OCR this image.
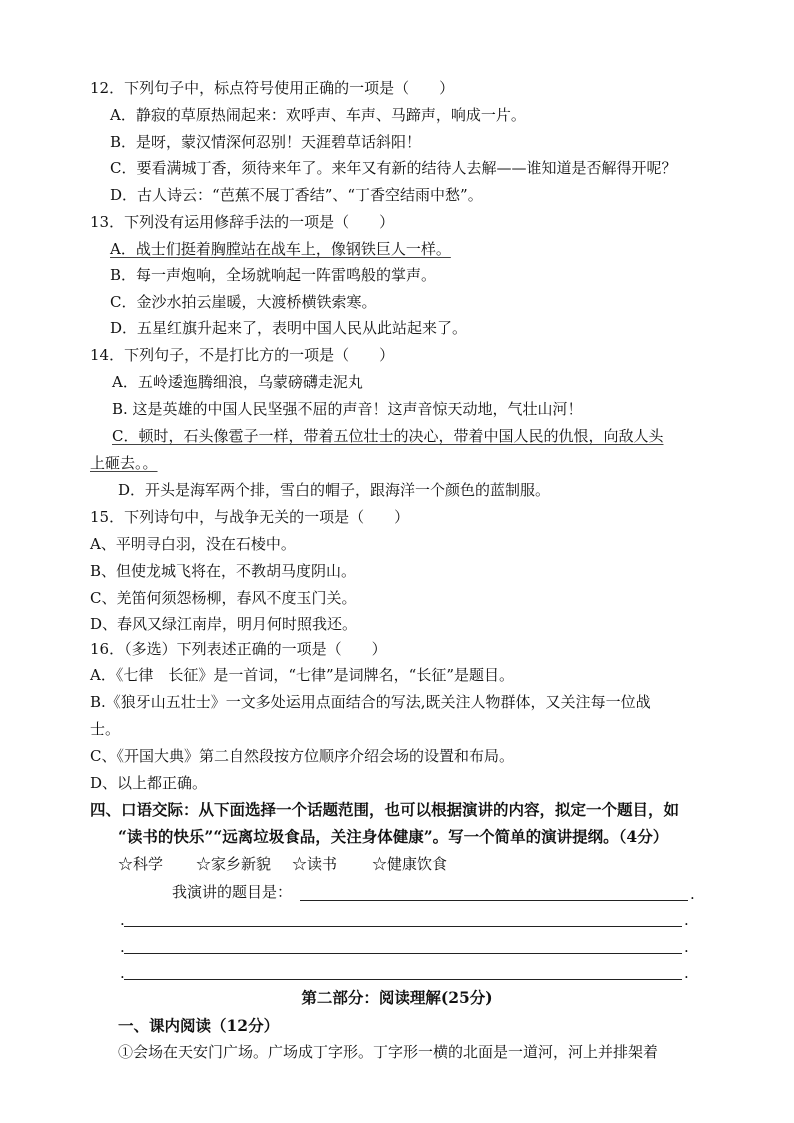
12．下列句子中，标点符号使用正确的一项是（　　）
A．静寂的草原热闹起来：欢呼声、车声、马蹄声，响成一片。
B．是呀，蒙汉情深何忍别！天涯碧草话斜阳！
C．要看满城丁香，须待来年了。来年又有新的结待人去解——谁知道是否解得开呢？
D．古人诗云：“芭蕉不展丁香结”、“丁香空结雨中愁”。
13．下列没有运用修辞手法的一项是（　　）
A．战士们挺着胸膛站在战车上，像钢铁巨人一样。
B．每一声炮响，全场就响起一阵雷鸣般的掌声。
C．金沙水拍云崖暖，大渡桥横铁索寒。
D．五星红旗升起来了，表明中国人民从此站起来了。
14．下列句子，不是打比方的一项是（　　）
A．五岭逶迤腾细浪，乌蒙磅礴走泥丸
B. 这是英雄的中国人民坚强不屈的声音！这声音惊天动地，气壮山河！
C．顿时，石头像雹子一样，带着五位壮士的决心，带着中国人民的仇恨，向敌人头
上砸去。。
D．开头是海军两个排，雪白的帽子，跟海洋一个颜色的蓝制服。
15．下列诗句中，与战争无关的一项是（　　）
A、平明寻白羽，没在石棱中。
B、但使龙城飞将在，不教胡马度阴山。
C、羌笛何须怨杨柳，春风不度玉门关。
D、春风又绿江南岸，明月何时照我还。
16．（多选）下列表述正确的一项是（　　）
A．《七律　长征》是一首词，“七律”是词牌名，“长征”是题目。
B.《狼牙山五壮士》一文多处运用点面结合的写法,既关注人物群体，又关注每一位战
士。
C、《开国大典》第二自然段按方位顺序介绍会场的设置和布局。
D、以上都正确。
四、口语交际：从下面选择一个话题范围，也可以根据演讲的内容，拟定一个题目，如
“读书的快乐”“远离垃圾食品，关注身体健康”。写一个简单的演讲提纲。（4分）
☆科学 ☆家乡新貌 ☆读书 ☆健康饮食
我演讲的题目是：	.
.	.
.	.
.	.
第二部分：阅读理解(25分)
一、课内阅读（12分）
①会场在天安门广场。广场成丁字形。丁字形一横的北面是一道河，河上并排架着
